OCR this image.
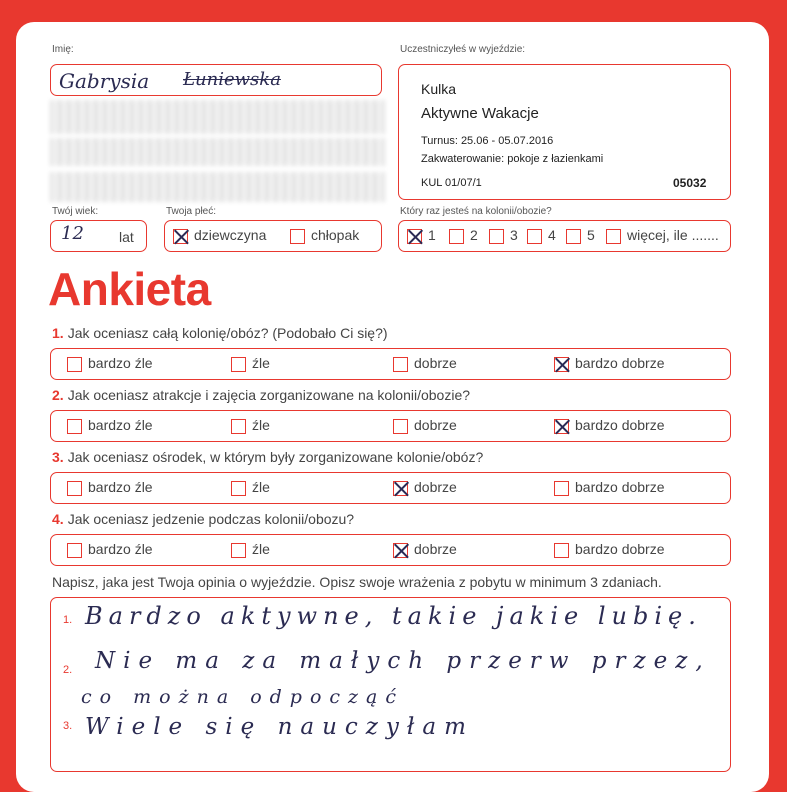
Imię:
Gabrysia Łuniewska
Twój wiek:
12	lat
Twoja płeć:
dziewczyna	chłopak
Uczestniczyłeś w wyjeździe:
Kulka
Aktywne Wakacje
Turnus: 25.06 - 05.07.2016
Zakwaterowanie: pokoje z łazienkami
KUL 01/07/1	05032
Który raz jesteś na kolonii/obozie?
1	2	3	4	5	więcej, ile .......
Ankieta
1. Jak oceniasz całą kolonię/obóz? (Podobało Ci się?)
bardzo źle	źle	dobrze	bardzo dobrze
2. Jak oceniasz atrakcje i zajęcia zorganizowane na kolonii/obozie?
bardzo źle	źle	dobrze	bardzo dobrze
3. Jak oceniasz ośrodek, w którym były zorganizowane kolonie/obóz?
bardzo źle	źle	dobrze	bardzo dobrze
4. Jak oceniasz jedzenie podczas kolonii/obozu?
bardzo źle	źle	dobrze	bardzo dobrze
Napisz, jaka jest Twoja opinia o wyjeździe. Opisz swoje wrażenia z pobytu w minimum 3 zdaniach.
1.
2.
3.
Bardzo aktywne, takie jakie lubię.
Nie ma za małych przerw przez,
co można odpocząć
Wiele się nauczyłam
